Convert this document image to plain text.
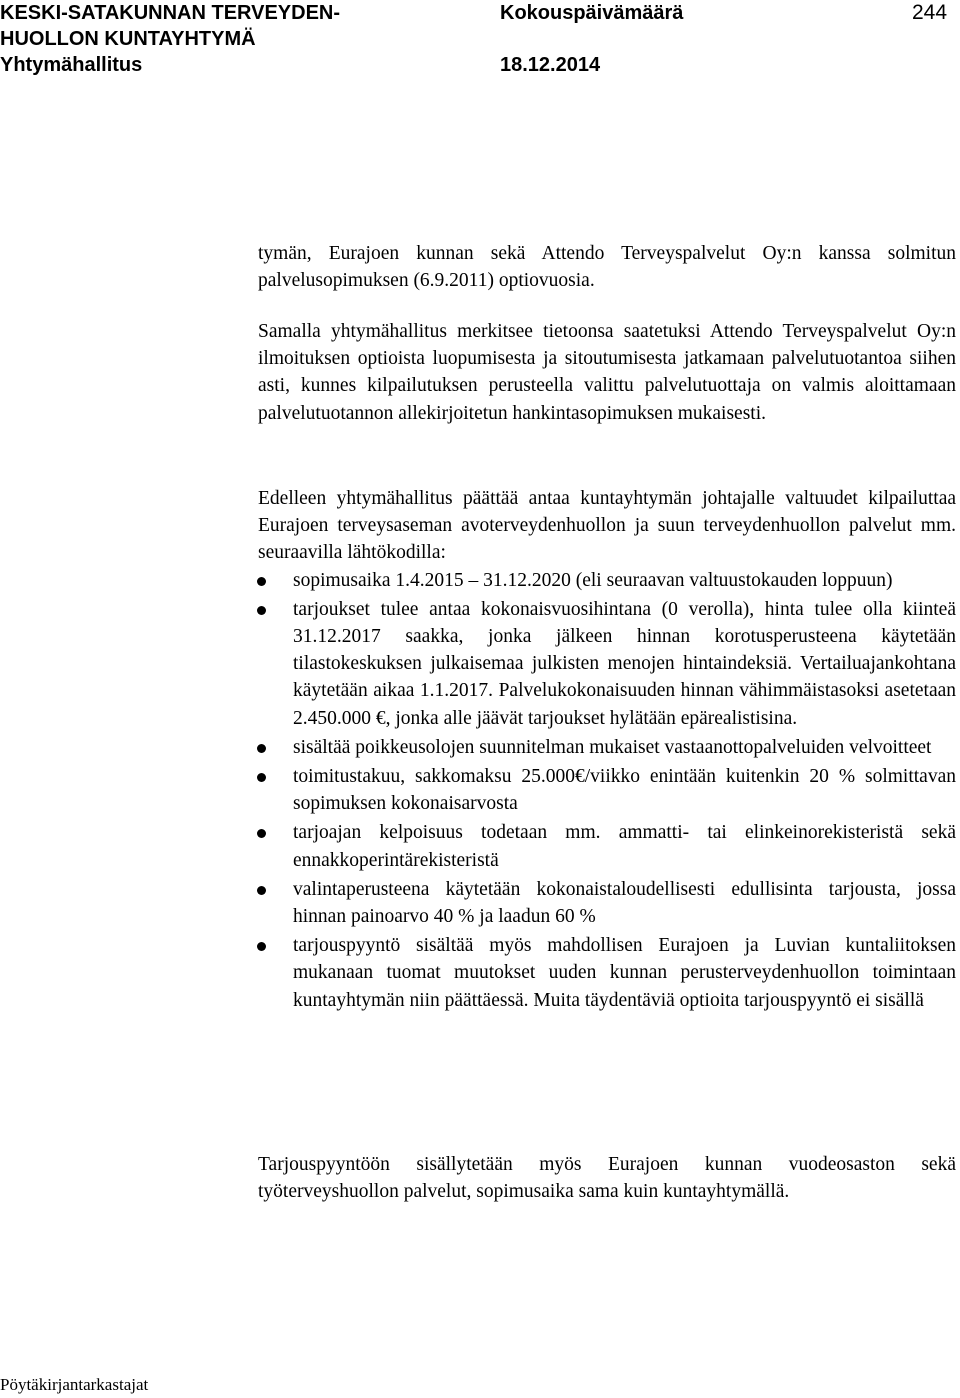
KESKI-SATAKUNNAN TERVEYDEN-
HUOLLON KUNTAYHTYMÄ
Yhtymähallitus
Kokouspäivämäärä

18.12.2014
244

tymän, Eurajoen kunnan sekä Attendo Terveyspalvelut Oy:n kanssa solmitun palvelusopimuksen (6.9.2011) optiovuosia.

Samalla yhtymähallitus merkitsee tietoonsa saatetuksi Attendo Terveyspalvelut Oy:n ilmoituksen optioista luopumisesta ja sitoutumisesta jatkamaan palvelutuotantoa siihen asti, kunnes kilpailutuksen perusteella valittu palvelutuottaja on valmis aloittamaan palvelutuotannon allekirjoitetun hankintasopimuksen mukaisesti.

Edelleen yhtymähallitus päättää antaa kuntayhtymän johtajalle valtuudet kilpailuttaa Eurajoen terveysaseman avoterveydenhuollon ja suun terveydenhuollon palvelut mm. seuraavilla lähtökodilla:

sopimusaika 1.4.2015 – 31.12.2020 (eli seuraavan valtuustokauden loppuun)
tarjoukset tulee antaa kokonaisvuosihintana (0 verolla), hinta tulee olla kiinteä 31.12.2017 saakka, jonka jälkeen hinnan korotusperusteena käytetään tilastokeskuksen julkaisemaa julkisten menojen hintaindeksiä. Vertailuajankohtana käytetään aikaa 1.1.2017. Palvelukokonaisuuden hinnan vähimmäistasoksi asetetaan 2.450.000 €, jonka alle jäävät tarjoukset hylätään epärealistisina.
sisältää poikkeusolojen suunnitelman mukaiset vastaanottopalveluiden velvoitteet
toimitustakuu, sakkomaksu 25.000€/viikko enintään kuitenkin 20 % solmittavan sopimuksen kokonaisarvosta
tarjoajan kelpoisuus todetaan mm. ammatti- tai elinkeinorekisteristä sekä ennakkoperintärekisteristä
valintaperusteena käytetään kokonaistaloudellisesti edullisinta tarjousta, jossa hinnan painoarvo 40 % ja laadun 60 %
tarjouspyyntö sisältää myös mahdollisen Eurajoen ja Luvian kuntaliitoksen mukanaan tuomat muutokset uuden kunnan perusterveydenhuollon toimintaan kuntayhtymän niin päättäessä. Muita täydentäviä optioita tarjouspyyntö ei sisällä

Tarjouspyyntöön sisällytetään myös Eurajoen kunnan vuodeosaston sekä työterveyshuollon palvelut, sopimusaika sama kuin kuntayhtymällä.

Pöytäkirjantarkastajat
